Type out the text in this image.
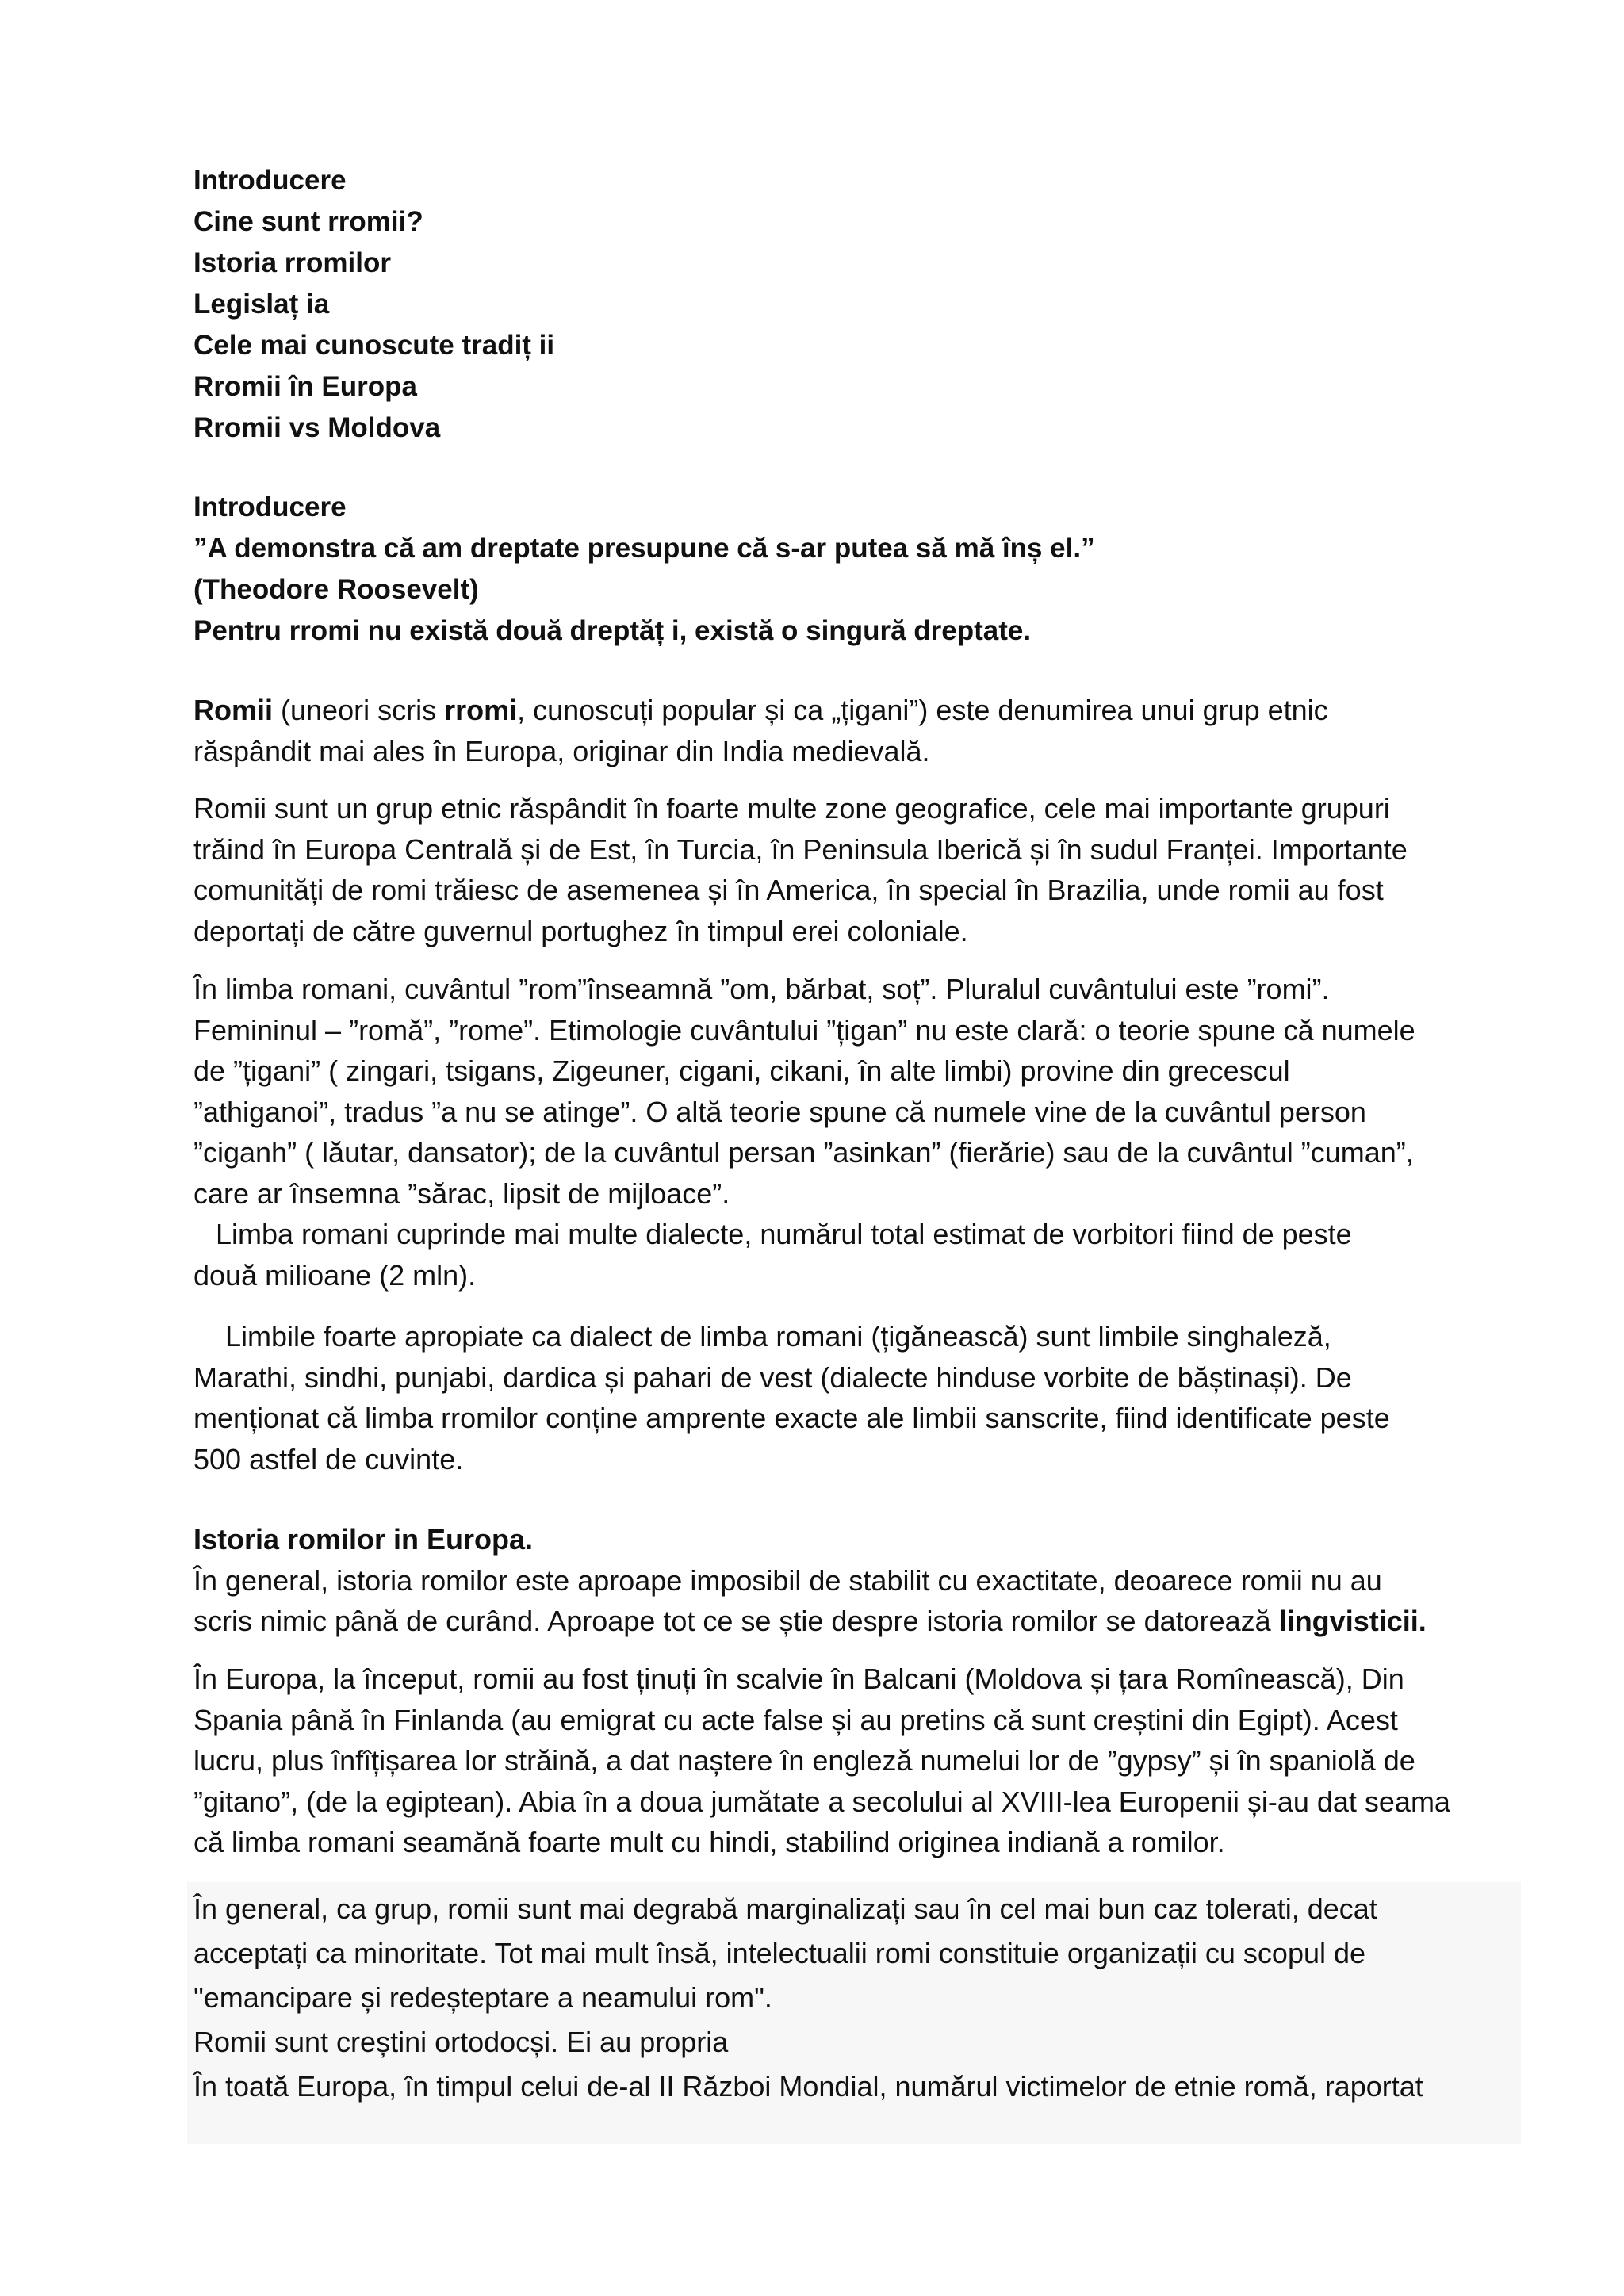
Introducere
Cine sunt rromii?
Istoria rromilor
Legislaț ia
Cele mai cunoscute tradiț ii
Rromii în Europa
Rromii vs Moldova
Introducere
”A demonstra că am dreptate presupune că s-ar putea să mă înș el.”
(Theodore Roosevelt)
Pentru rromi nu există două dreptăț i, există o singură dreptate.

Romii (uneori scris rromi, cunoscuți popular și ca „țigani”) este denumirea unui grup etnic

răspândit mai ales în Europa, originar din India medievală.

Romii sunt un grup etnic răspândit în foarte multe zone geografice, cele mai importante grupuri

trăind în Europa Centrală și de Est, în Turcia, în Peninsula Iberică și în sudul Franței. Importante

comunități de romi trăiesc de asemenea și în America, în special în Brazilia, unde romii au fost

deportați de către guvernul portughez în timpul erei coloniale.

În limba romani, cuvântul ”rom”înseamnă ”om, bărbat, soț”. Pluralul cuvântului este ”romi”.

Femininul – ”romă”, ”rome”. Etimologie cuvântului ”țigan” nu este clară: o teorie spune că numele

de ”țigani” ( zingari, tsigans, Zigeuner, cigani, cikani, în alte limbi) provine din grecescul

”athiganoi”, tradus ”a nu se atinge”. O altă teorie spune că numele vine de la cuvântul person

”ciganh” ( lăutar, dansator); de la cuvântul persan ”asinkan” (fierărie) sau de la cuvântul ”cuman”,

care ar însemna ”sărac, lipsit de mijloace”.

Limba romani cuprinde mai multe dialecte, numărul total estimat de vorbitori fiind de peste

două milioane (2 mln).

Limbile foarte apropiate ca dialect de limba romani (țigănească) sunt limbile singhaleză,

Marathi, sindhi, punjabi, dardica și pahari de vest (dialecte hinduse vorbite de băștinași). De

menționat că limba rromilor conține amprente exacte ale limbii sanscrite, fiind identificate peste

500 astfel de cuvinte.

Istoria romilor in Europa.

În general, istoria romilor este aproape imposibil de stabilit cu exactitate, deoarece romii nu au

scris nimic până de curând. Aproape tot ce se știe despre istoria romilor se datorează lingvisticii.

În Europa, la început, romii au fost ținuți în scalvie în Balcani (Moldova și țara Romînească), Din

Spania până în Finlanda (au emigrat cu acte false și au pretins că sunt creștini din Egipt). Acest

lucru, plus înfîțișarea lor străină, a dat naștere în engleză numelui lor de ”gypsy” și în spaniolă de

”gitano”, (de la egiptean). Abia în a doua jumătate a secolului al XVIII-lea Europenii și-au dat seama

că limba romani seamănă foarte mult cu hindi, stabilind originea indiană a romilor.

În general, ca grup, romii sunt mai degrabă marginalizați sau în cel mai bun caz tolerati, decat

acceptați ca minoritate. Tot mai mult însă, intelectualii romi constituie organizații cu scopul de

"emancipare și redeșteptare a neamului rom".

Romii sunt creștini ortodocși. Ei au propria

În toată Europa, în timpul celui de-al II Război Mondial, numărul victimelor de etnie romă, raportat
